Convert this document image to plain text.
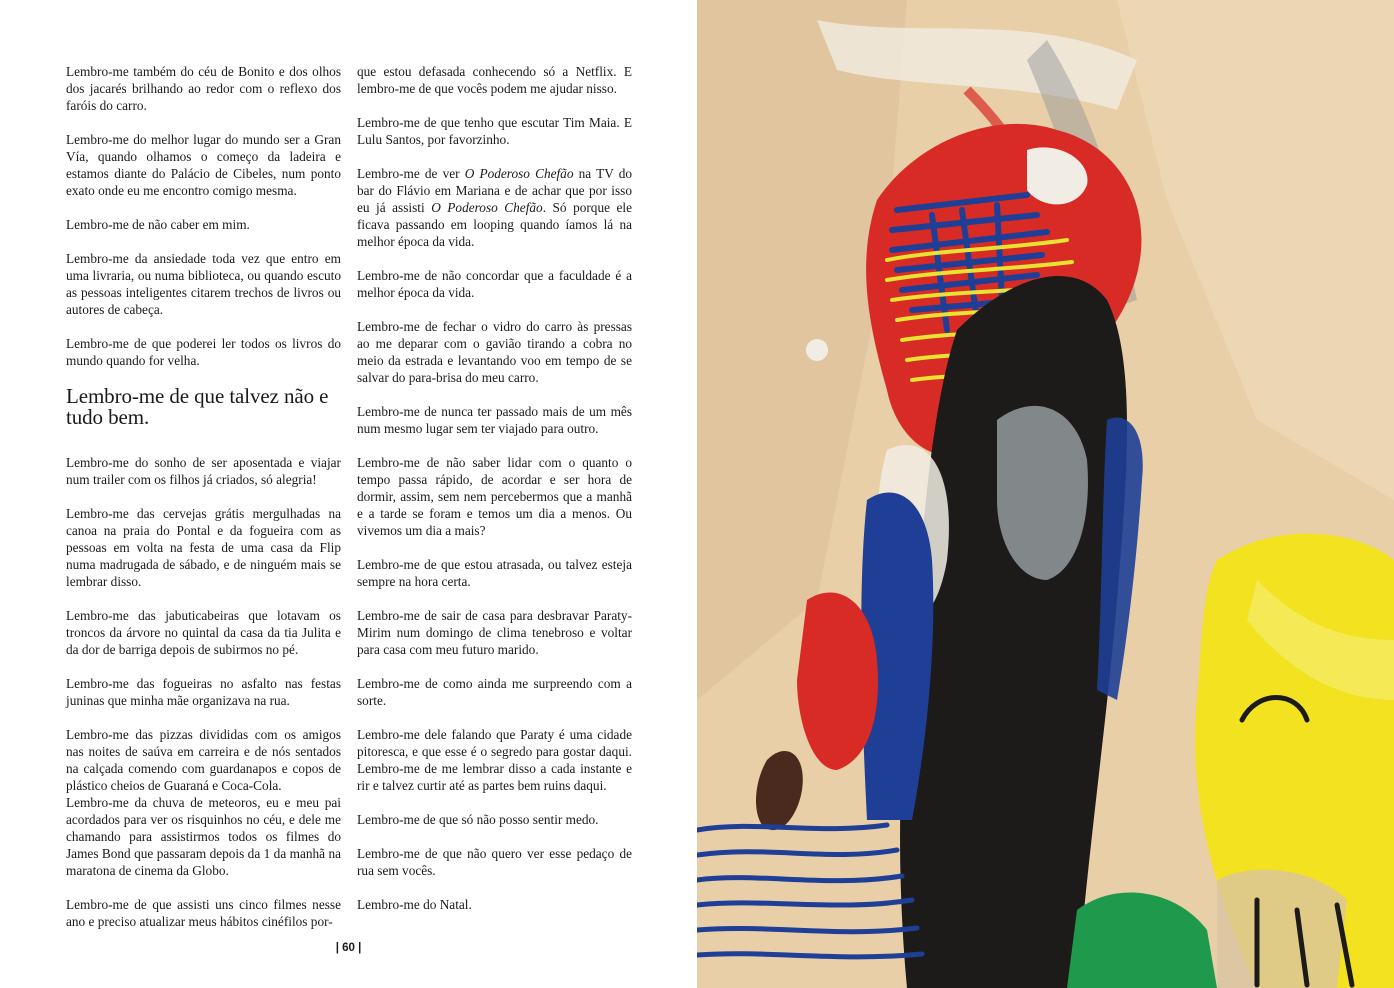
Lembro-me também do céu de Bonito e dos olhos dos jacarés brilhando ao redor com o reflexo dos faróis do carro.

Lembro-me do melhor lugar do mundo ser a Gran Vía, quando olhamos o começo da ladeira e estamos diante do Palácio de Cibeles, num ponto exato onde eu me encontro comigo mesma.

Lembro-me de não caber em mim.

Lembro-me da ansiedade toda vez que entro em uma livraria, ou numa biblioteca, ou quando escuto as pessoas inteligentes citarem trechos de livros ou autores de cabeça.

Lembro-me de que poderei ler todos os livros do mundo quando for velha.

Lembro-me de que talvez não e tudo bem.

Lembro-me do sonho de ser aposentada e viajar num trailer com os filhos já criados, só alegria!

Lembro-me das cervejas grátis mergulhadas na canoa na praia do Pontal e da fogueira com as pessoas em volta na festa de uma casa da Flip numa madrugada de sábado, e de ninguém mais se lembrar disso.

Lembro-me das jabuticabeiras que lotavam os troncos da árvore no quintal da casa da tia Julita e da dor de barriga depois de subirmos no pé.

Lembro-me das fogueiras no asfalto nas festas juninas que minha mãe organizava na rua.

Lembro-me das pizzas divididas com os amigos nas noites de saúva em carreira e de nós sentados na calçada comendo com guardanapos e copos de plástico cheios de Guaraná e Coca-Cola.

Lembro-me da chuva de meteoros, eu e meu pai acordados para ver os risquinhos no céu, e dele me chamando para assistirmos todos os filmes do James Bond que passaram depois da 1 da manhã na maratona de cinema da Globo.

Lembro-me de que assisti uns cinco filmes nesse ano e preciso atualizar meus hábitos cinéfilos por-

que estou defasada conhecendo só a Netflix. E lembro-me de que vocês podem me ajudar nisso.

Lembro-me de que tenho que escutar Tim Maia. E Lulu Santos, por favorzinho.

Lembro-me de ver O Poderoso Chefão na TV do bar do Flávio em Mariana e de achar que por isso eu já assisti O Poderoso Chefão. Só porque ele ficava passando em looping quando íamos lá na melhor época da vida.

Lembro-me de não concordar que a faculdade é a melhor época da vida.

Lembro-me de fechar o vidro do carro às pressas ao me deparar com o gavião tirando a cobra no meio da estrada e levantando voo em tempo de se salvar do para-brisa do meu carro.

Lembro-me de nunca ter passado mais de um mês num mesmo lugar sem ter viajado para outro.

Lembro-me de não saber lidar com o quanto o tempo passa rápido, de acordar e ser hora de dormir, assim, sem nem percebermos que a manhã e a tarde se foram e temos um dia a menos. Ou vivemos um dia a mais?

Lembro-me de que estou atrasada, ou talvez esteja sempre na hora certa.

Lembro-me de sair de casa para desbravar Paraty-Mirim num domingo de clima tenebroso e voltar para casa com meu futuro marido.

Lembro-me de como ainda me surpreendo com a sorte.

Lembro-me dele falando que Paraty é uma cidade pitoresca, e que esse é o segredo para gostar daqui. Lembro-me de me lembrar disso a cada instante e rir e talvez curtir até as partes bem ruins daqui.

Lembro-me de que só não posso sentir medo.

Lembro-me de que não quero ver esse pedaço de rua sem vocês.

Lembro-me do Natal.

| 60 |
